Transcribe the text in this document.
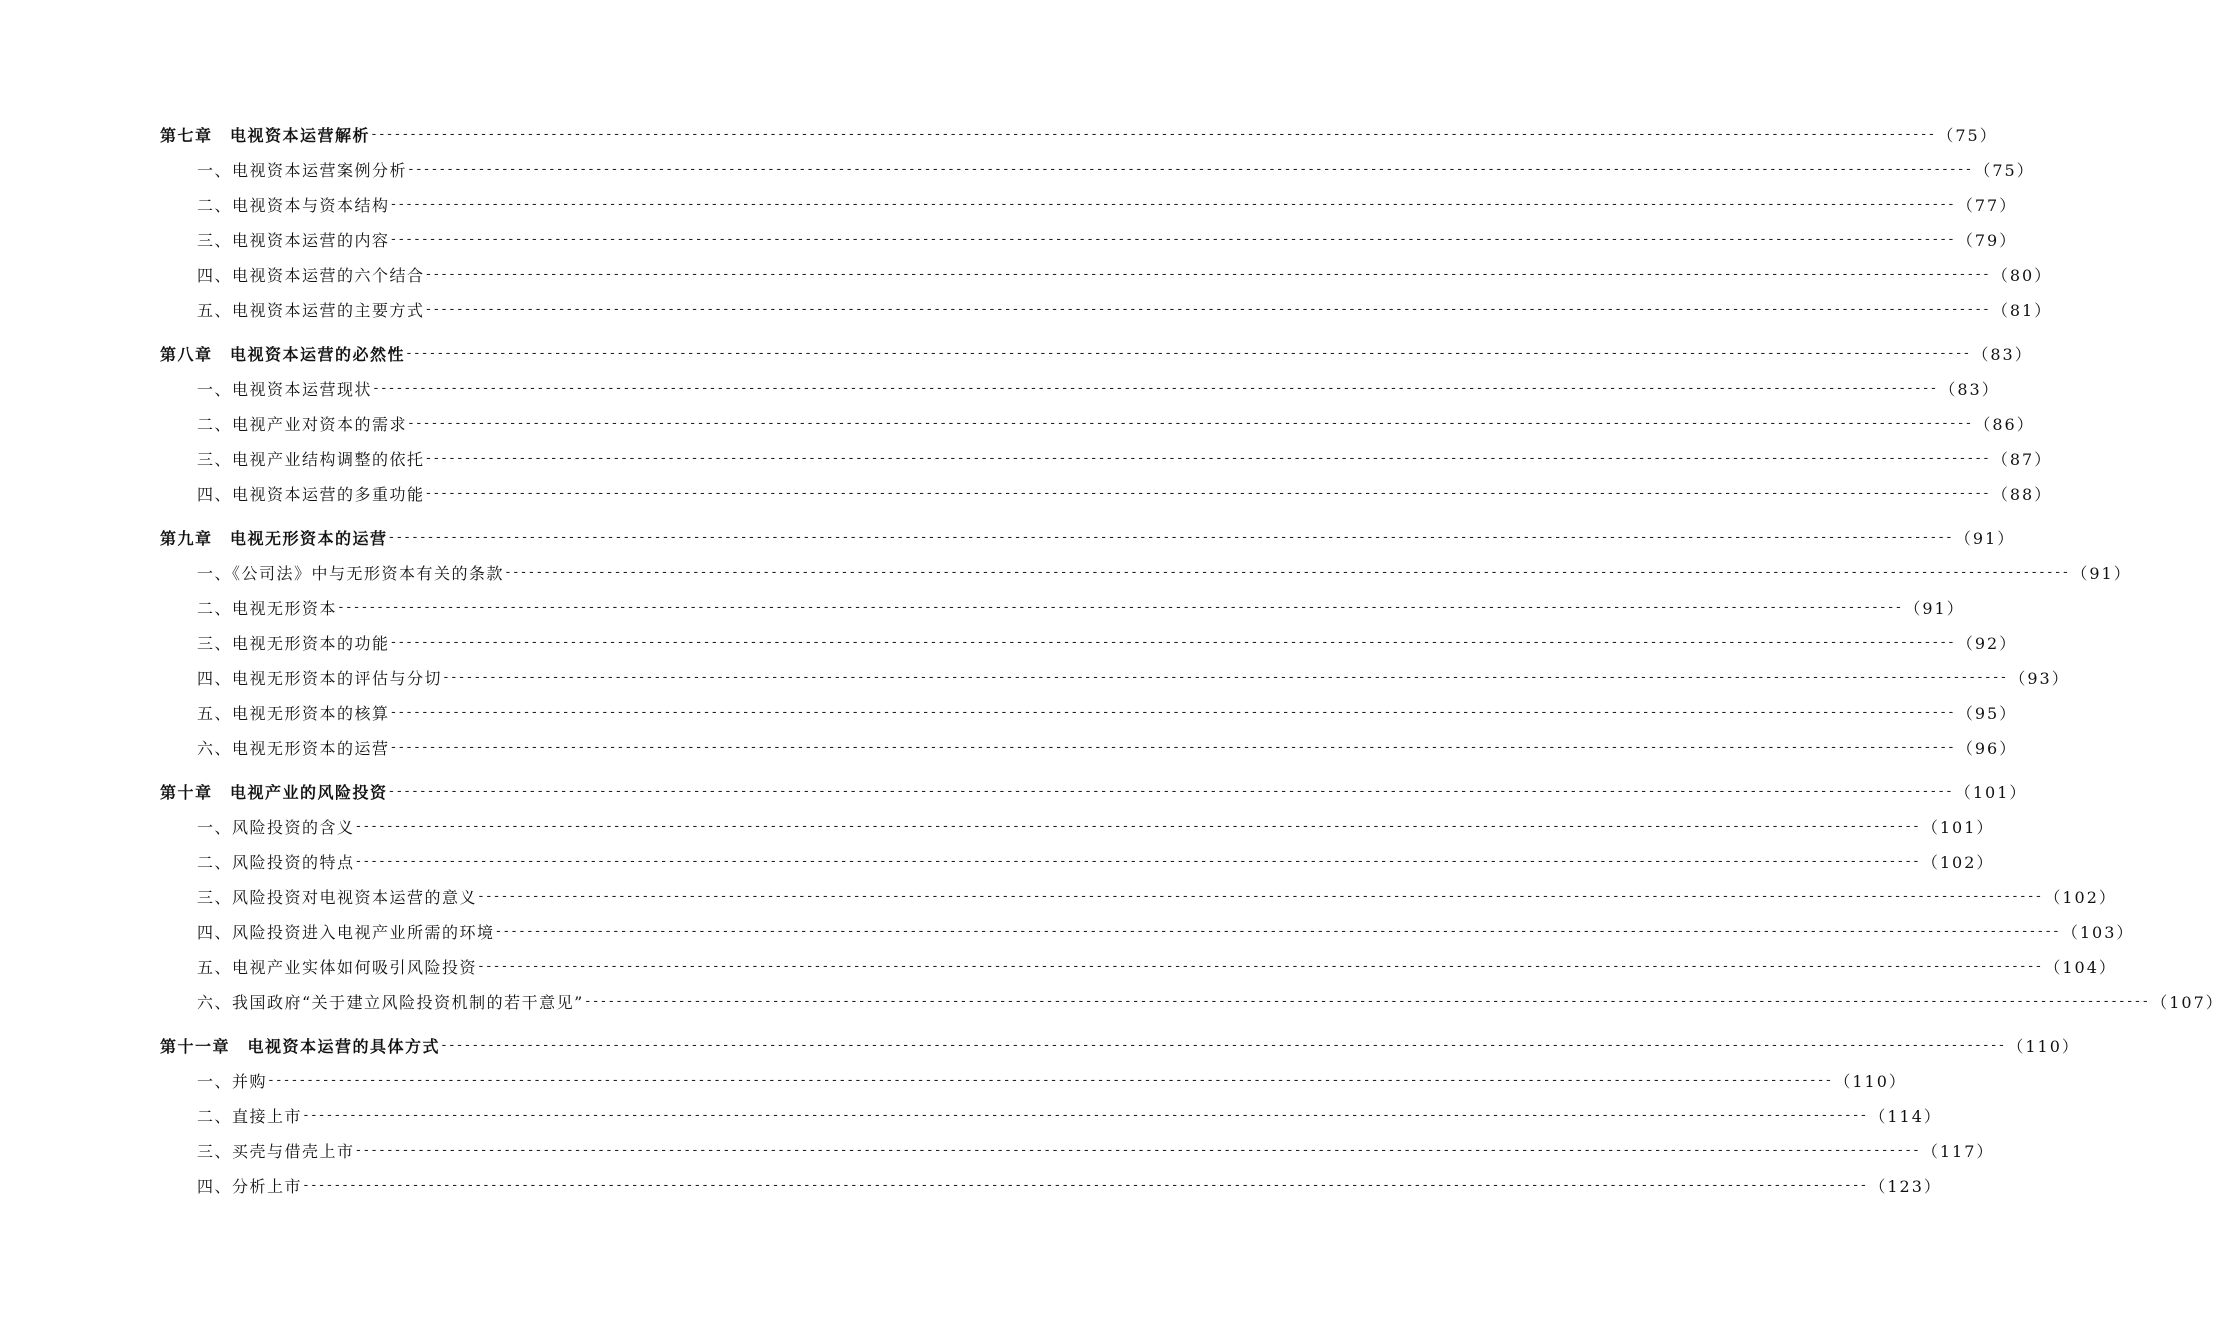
第七章　电视资本运营解析 -------------------------------------------------------------------------------------------------------------------------------------------------------------------------------------------------------- （75）
一、电视资本运营案例分析 -------------------------------------------------------------------------------------------------------------------------------------------------------------------------------------------------------- （75）
二、电视资本与资本结构 -------------------------------------------------------------------------------------------------------------------------------------------------------------------------------------------------------- （77）
三、电视资本运营的内容 -------------------------------------------------------------------------------------------------------------------------------------------------------------------------------------------------------- （79）
四、电视资本运营的六个结合 -------------------------------------------------------------------------------------------------------------------------------------------------------------------------------------------------------- （80）
五、电视资本运营的主要方式 -------------------------------------------------------------------------------------------------------------------------------------------------------------------------------------------------------- （81）
第八章　电视资本运营的必然性 -------------------------------------------------------------------------------------------------------------------------------------------------------------------------------------------------------- （83）
一、电视资本运营现状 -------------------------------------------------------------------------------------------------------------------------------------------------------------------------------------------------------- （83）
二、电视产业对资本的需求 -------------------------------------------------------------------------------------------------------------------------------------------------------------------------------------------------------- （86）
三、电视产业结构调整的依托 -------------------------------------------------------------------------------------------------------------------------------------------------------------------------------------------------------- （87）
四、电视资本运营的多重功能 -------------------------------------------------------------------------------------------------------------------------------------------------------------------------------------------------------- （88）
第九章　电视无形资本的运营 -------------------------------------------------------------------------------------------------------------------------------------------------------------------------------------------------------- （91）
一、《公司法》中与无形资本有关的条款 -------------------------------------------------------------------------------------------------------------------------------------------------------------------------------------------------------- （91）
二、电视无形资本 -------------------------------------------------------------------------------------------------------------------------------------------------------------------------------------------------------- （91）
三、电视无形资本的功能 -------------------------------------------------------------------------------------------------------------------------------------------------------------------------------------------------------- （92）
四、电视无形资本的评估与分切 -------------------------------------------------------------------------------------------------------------------------------------------------------------------------------------------------------- （93）
五、电视无形资本的核算 -------------------------------------------------------------------------------------------------------------------------------------------------------------------------------------------------------- （95）
六、电视无形资本的运营 -------------------------------------------------------------------------------------------------------------------------------------------------------------------------------------------------------- （96）
第十章　电视产业的风险投资 -------------------------------------------------------------------------------------------------------------------------------------------------------------------------------------------------------- （101）
一、风险投资的含义 -------------------------------------------------------------------------------------------------------------------------------------------------------------------------------------------------------- （101）
二、风险投资的特点 -------------------------------------------------------------------------------------------------------------------------------------------------------------------------------------------------------- （102）
三、风险投资对电视资本运营的意义 -------------------------------------------------------------------------------------------------------------------------------------------------------------------------------------------------------- （102）
四、风险投资进入电视产业所需的环境 -------------------------------------------------------------------------------------------------------------------------------------------------------------------------------------------------------- （103）
五、电视产业实体如何吸引风险投资 -------------------------------------------------------------------------------------------------------------------------------------------------------------------------------------------------------- （104）
六、我国政府“关于建立风险投资机制的若干意见” -------------------------------------------------------------------------------------------------------------------------------------------------------------------------------------------------------- （107）
第十一章　电视资本运营的具体方式 -------------------------------------------------------------------------------------------------------------------------------------------------------------------------------------------------------- （110）
一、并购 -------------------------------------------------------------------------------------------------------------------------------------------------------------------------------------------------------- （110）
二、直接上市 -------------------------------------------------------------------------------------------------------------------------------------------------------------------------------------------------------- （114）
三、买壳与借壳上市 -------------------------------------------------------------------------------------------------------------------------------------------------------------------------------------------------------- （117）
四、分析上市 -------------------------------------------------------------------------------------------------------------------------------------------------------------------------------------------------------- （123）
